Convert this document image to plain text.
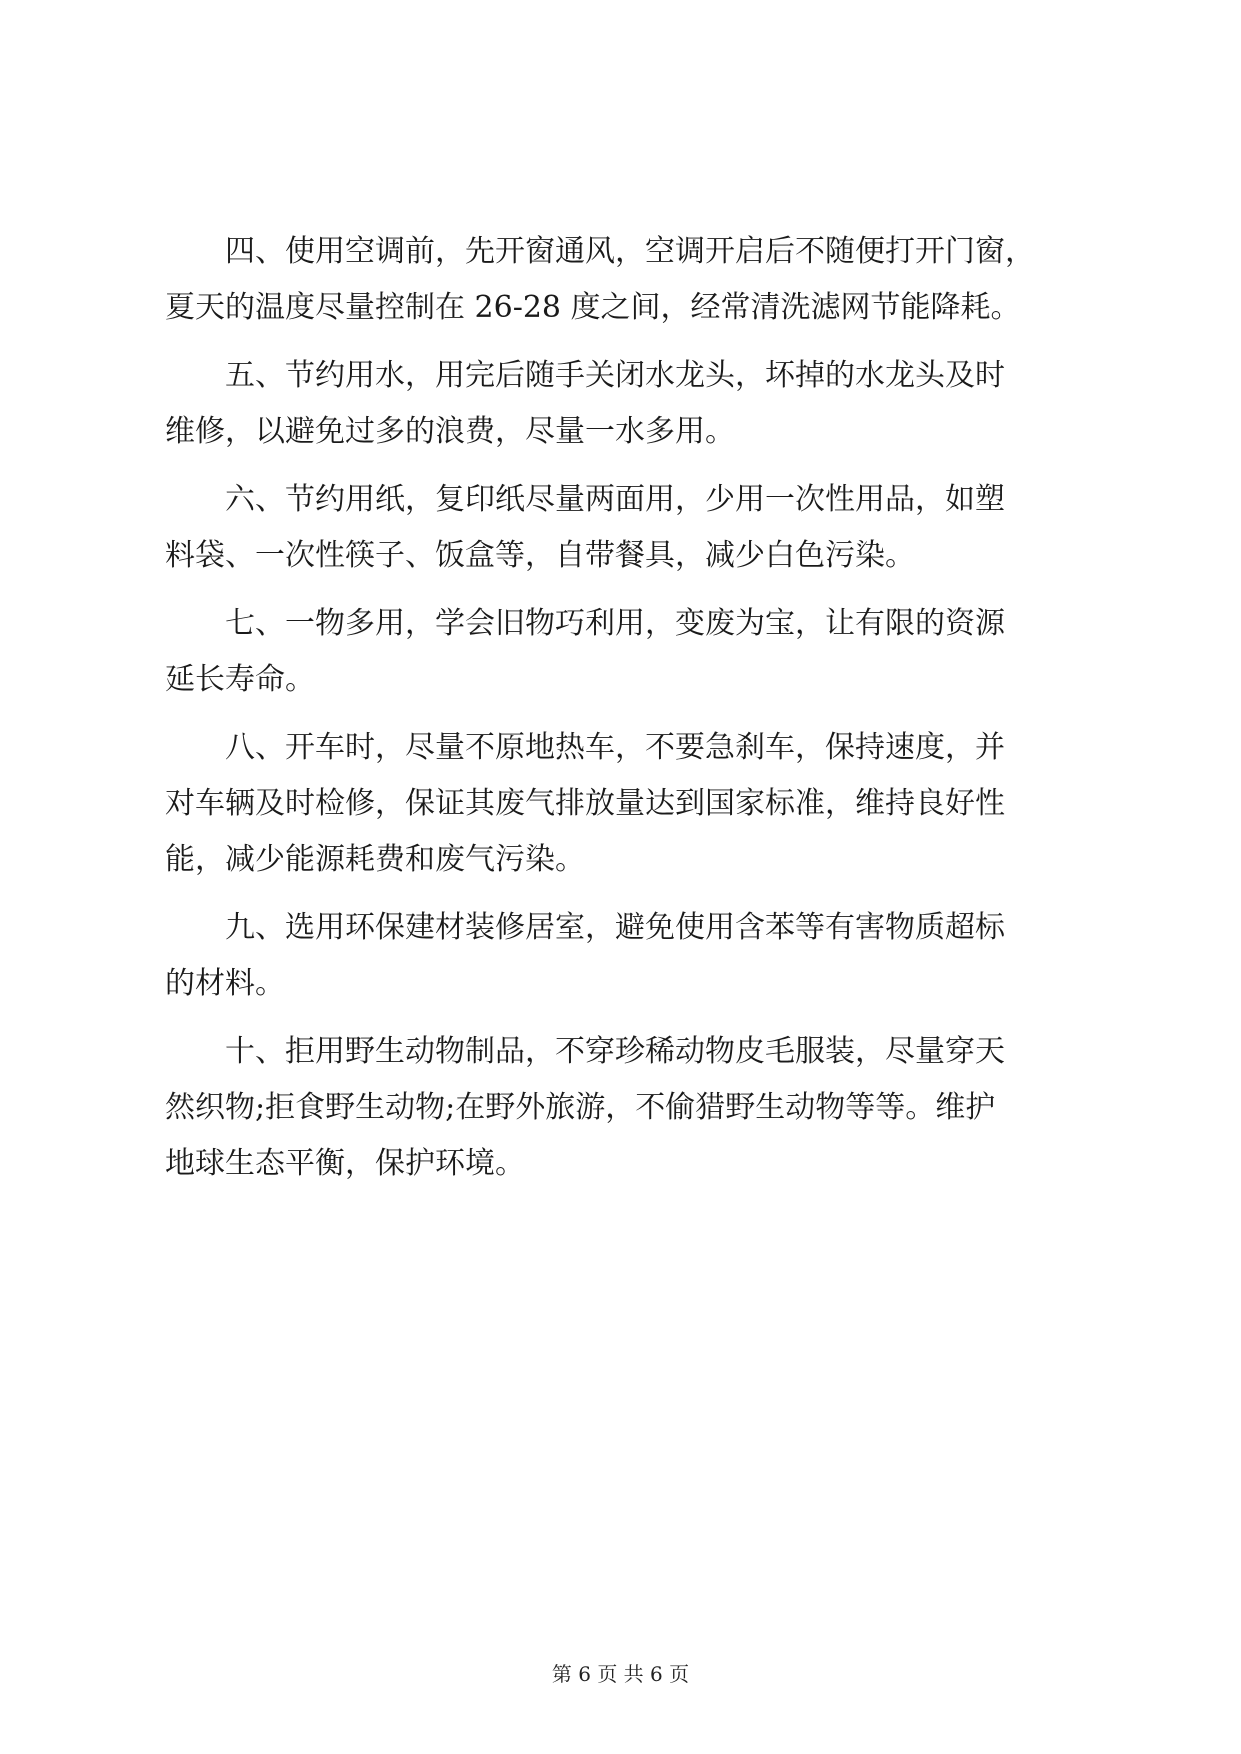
四、使用空调前，先开窗通风，空调开启后不随便打开门窗，
夏天的温度尽量控制在 26-28 度之间，经常清洗滤网节能降耗。
五、节约用水，用完后随手关闭水龙头，坏掉的水龙头及时
维修，以避免过多的浪费，尽量一水多用。
六、节约用纸，复印纸尽量两面用，少用一次性用品，如塑
料袋、一次性筷子、饭盒等，自带餐具，减少白色污染。
七、一物多用，学会旧物巧利用，变废为宝，让有限的资源
延长寿命。
八、开车时，尽量不原地热车，不要急刹车，保持速度，并
对车辆及时检修，保证其废气排放量达到国家标准，维持良好性
能，减少能源耗费和废气污染。
九、选用环保建材装修居室，避免使用含苯等有害物质超标
的材料。
十、拒用野生动物制品，不穿珍稀动物皮毛服装，尽量穿天
然织物;拒食野生动物;在野外旅游，不偷猎野生动物等等。维护
地球生态平衡，保护环境。
第 6 页 共 6 页
